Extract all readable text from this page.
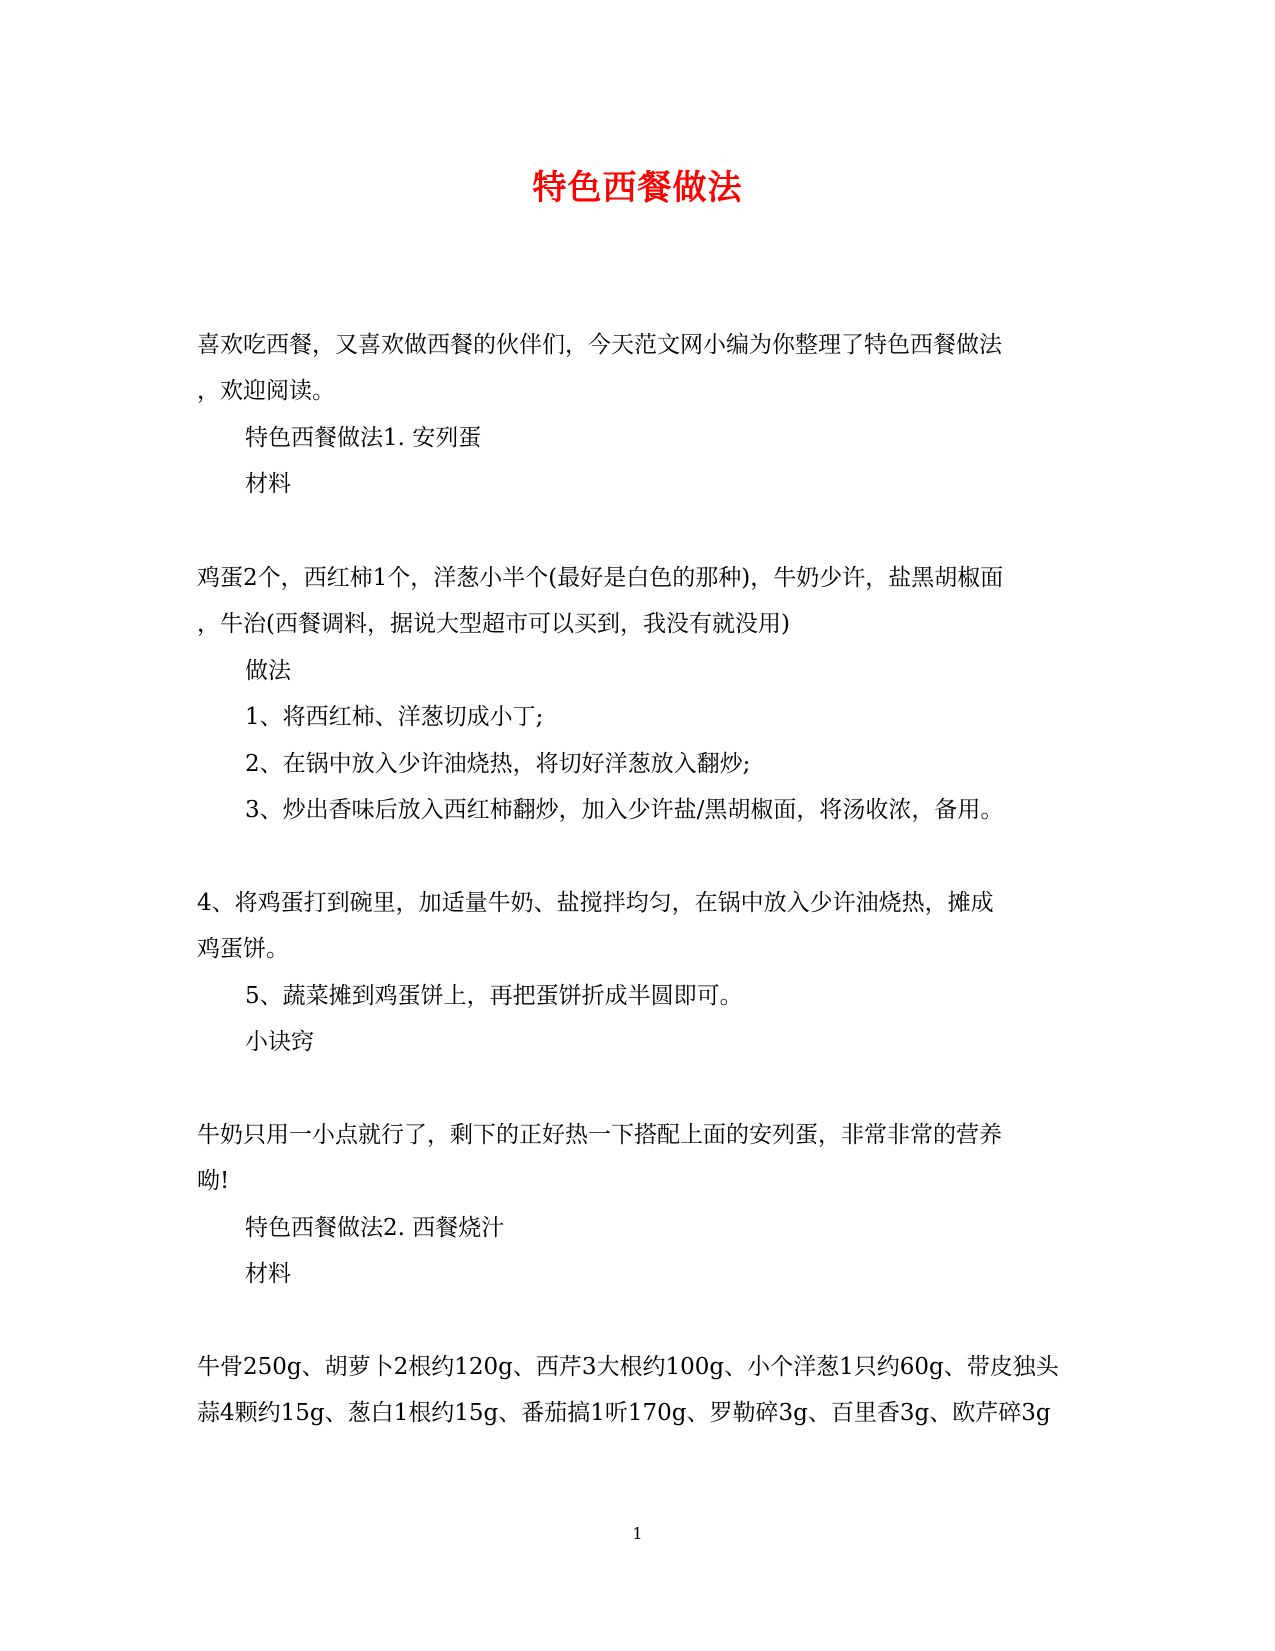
特色西餐做法
喜欢吃西餐，又喜欢做西餐的伙伴们，今天范文网小编为你整理了特色西餐做法
，欢迎阅读。
特色西餐做法1. 安列蛋
材料
鸡蛋2个，西红柿1个，洋葱小半个(最好是白色的那种)，牛奶少许，盐黑胡椒面
，牛治(西餐调料，据说大型超市可以买到，我没有就没用)
做法
1、将西红柿、洋葱切成小丁;
2、在锅中放入少许油烧热，将切好洋葱放入翻炒;
3、炒出香味后放入西红柿翻炒，加入少许盐/黑胡椒面，将汤收浓，备用。
4、将鸡蛋打到碗里，加适量牛奶、盐搅拌均匀，在锅中放入少许油烧热，摊成
鸡蛋饼。
5、蔬菜摊到鸡蛋饼上，再把蛋饼折成半圆即可。
小诀窍
牛奶只用一小点就行了，剩下的正好热一下搭配上面的安列蛋，非常非常的营养
呦!
特色西餐做法2. 西餐烧汁
材料
牛骨250g、胡萝卜2根约120g、西芹3大根约100g、小个洋葱1只约60g、带皮独头
蒜4颗约15g、葱白1根约15g、番茄搞1听170g、罗勒碎3g、百里香3g、欧芹碎3g
1
